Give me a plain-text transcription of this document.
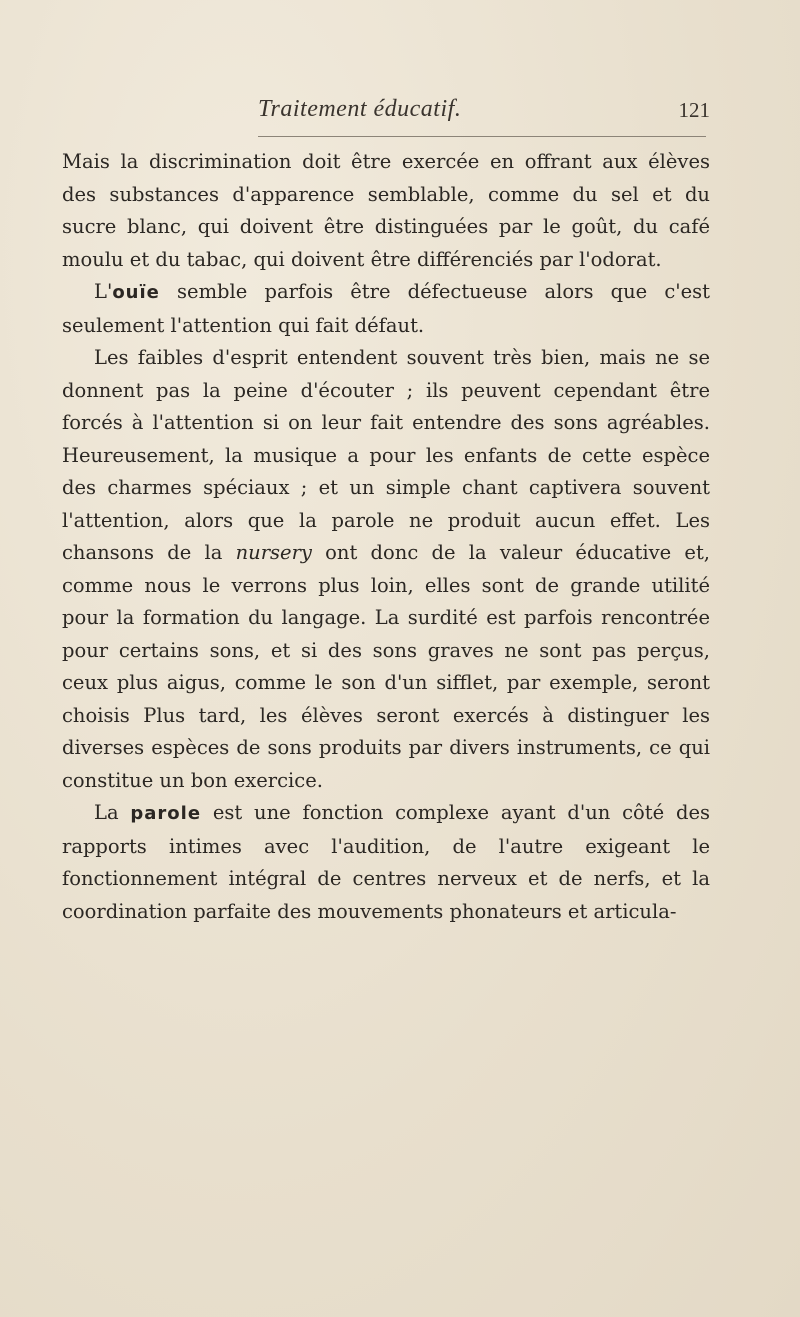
Traitement éducatif.	121

Mais la discrimination doit être exercée en offrant aux élèves des substances d'apparence semblable, comme du sel et du sucre blanc, qui doivent être distinguées par le goût, du café moulu et du tabac, qui doivent être différenciés par l'odorat.

L'ouïe semble parfois être défectueuse alors que c'est seulement l'attention qui fait défaut.

Les faibles d'esprit entendent souvent très bien, mais ne se donnent pas la peine d'écouter ; ils peuvent cependant être forcés à l'attention si on leur fait entendre des sons agréables. Heureusement, la musique a pour les enfants de cette espèce des charmes spéciaux ; et un simple chant captivera souvent l'attention, alors que la parole ne produit aucun effet. Les chansons de la nursery ont donc de la valeur éducative et, comme nous le verrons plus loin, elles sont de grande utilité pour la formation du langage. La surdité est parfois rencontrée pour certains sons, et si des sons graves ne sont pas perçus, ceux plus aigus, comme le son d'un sifflet, par exemple, seront choisis Plus tard, les élèves seront exercés à distinguer les diverses espèces de sons produits par divers instruments, ce qui constitue un bon exercice.

La parole est une fonction complexe ayant d'un côté des rapports intimes avec l'audition, de l'autre exigeant le fonctionnement intégral de centres nerveux et de nerfs, et la coordination parfaite des mouvements phonateurs et articula-
